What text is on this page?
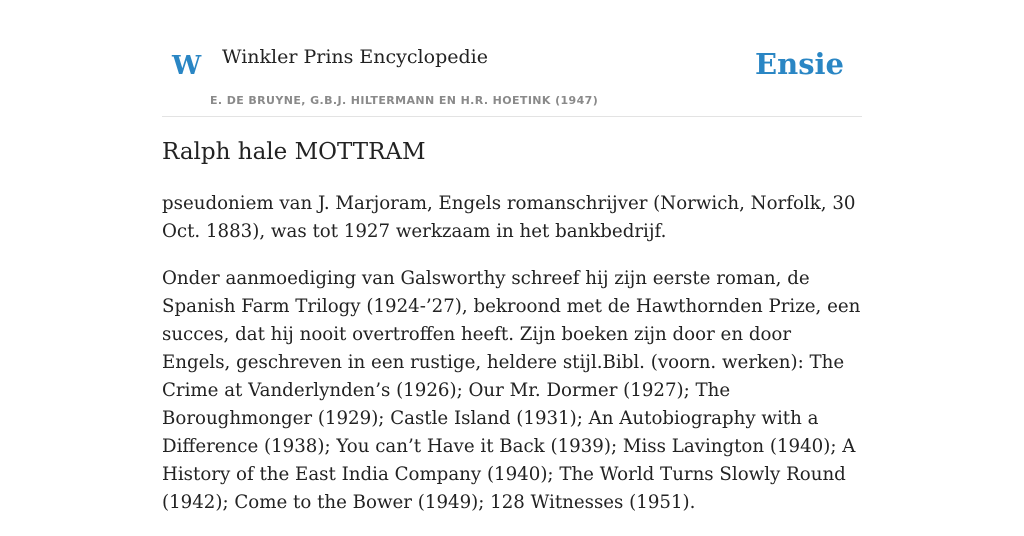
W Winkler Prins Encyclopedie
E. DE BRUYNE, G.B.J. HILTERMANN EN H.R. HOETINK (1947)
Ensie
Ralph hale MOTTRAM

pseudoniem van J. Marjoram, Engels romanschrijver (Norwich, Norfolk, 30 Oct. 1883), was tot 1927 werkzaam in het bankbedrijf.

Onder aanmoediging van Galsworthy schreef hij zijn eerste roman, de Spanish Farm Trilogy (1924-’27), bekroond met de Hawthornden Prize, een succes, dat hij nooit overtroffen heeft. Zijn boeken zijn door en door Engels, geschreven in een rustige, heldere stijl.Bibl. (voorn. werken): The Crime at Vanderlynden’s (1926); Our Mr. Dormer (1927); The Boroughmonger (1929); Castle Island (1931); An Autobiography with a Difference (1938); You can’t Have it Back (1939); Miss Lavington (1940); A History of the East India Company (1940); The World Turns Slowly Round (1942); Come to the Bower (1949); 128 Witnesses (1951).
